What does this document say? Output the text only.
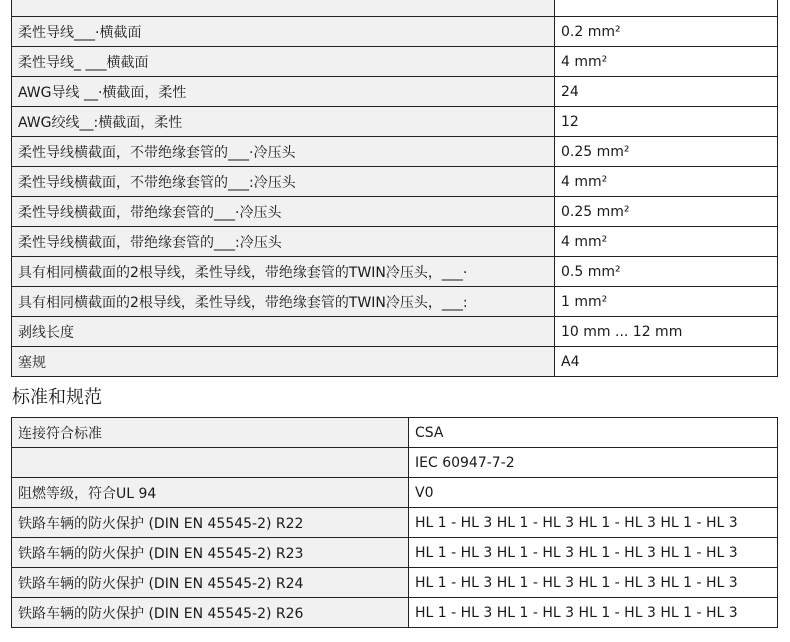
柔性导线___·横截面	0.2 mm²
柔性导线_ ___横截面	4 mm²
AWG导线 __·横截面，柔性	24
AWG绞线__:横截面，柔性	12
柔性导线横截面，不带绝缘套管的___·冷压头	0.25 mm²
柔性导线横截面，不带绝缘套管的___:冷压头	4 mm²
柔性导线横截面，带绝缘套管的___·冷压头	0.25 mm²
柔性导线横截面，带绝缘套管的___:冷压头	4 mm²
具有相同横截面的2根导线，柔性导线，带绝缘套管的TWIN冷压头，___·	0.5 mm²
具有相同横截面的2根导线，柔性导线，带绝缘套管的TWIN冷压头，___:	1 mm²
剥线长度	10 mm ... 12 mm
塞规	A4
标准和规范
连接符合标准	CSA
	IEC 60947-7-2
阻燃等级，符合UL 94	V0
铁路车辆的防火保护 (DIN EN 45545-2) R22	HL 1 - HL 3 HL 1 - HL 3 HL 1 - HL 3 HL 1 - HL 3
铁路车辆的防火保护 (DIN EN 45545-2) R23	HL 1 - HL 3 HL 1 - HL 3 HL 1 - HL 3 HL 1 - HL 3
铁路车辆的防火保护 (DIN EN 45545-2) R24	HL 1 - HL 3 HL 1 - HL 3 HL 1 - HL 3 HL 1 - HL 3
铁路车辆的防火保护 (DIN EN 45545-2) R26	HL 1 - HL 3 HL 1 - HL 3 HL 1 - HL 3 HL 1 - HL 3
